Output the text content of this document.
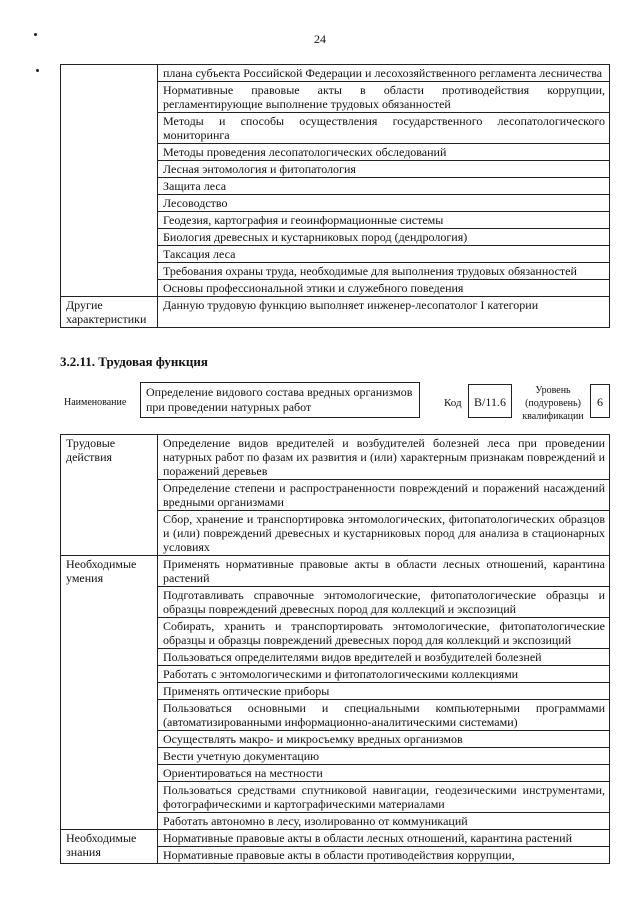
24
	плана субъекта Российской Федерации и лесохозяйственного регламента лесничества
	Нормативные правовые акты в области противодействия коррупции, регламентирующие выполнение трудовых обязанностей
	Методы и способы осуществления государственного лесопатологического мониторинга
	Методы проведения лесопатологических обследований
	Лесная энтомология и фитопатология
	Защита леса
	Лесоводство
	Геодезия, картография и геоинформационные системы
	Биология древесных и кустарниковых пород (дендрология)
	Таксация леса
	Требования охраны труда, необходимые для выполнения трудовых обязанностей
	Основы профессиональной этики и служебного поведения
Другие характеристики	Данную трудовую функцию выполняет инженер-лесопатолог I категории
3.2.11. Трудовая функция
Наименование
Определение видового состава вредных организмов при проведении натурных работ	Код	B/11.6
Уровень (подуровень) квалификации
6
Трудовые действия	Определение видов вредителей и возбудителей болезней леса при проведении натурных работ по фазам их развития и (или) характерным признакам повреждений и поражений деревьев
	Определение степени и распространенности повреждений и поражений насаждений вредными организмами
	Сбор, хранение и транспортировка энтомологических, фитопатологических образцов и (или) повреждений древесных и кустарниковых пород для анализа в стационарных условиях
Необходимые умения	Применять нормативные правовые акты в области лесных отношений, карантина растений
	Подготавливать справочные энтомологические, фитопатологические образцы и образцы повреждений древесных пород для коллекций и экспозиций
	Собирать, хранить и транспортировать энтомологические, фитопатологические образцы и образцы повреждений древесных пород для коллекций и экспозиций
	Пользоваться определителями видов вредителей и возбудителей болезней
	Работать с энтомологическими и фитопатологическими коллекциями
	Применять оптические приборы
	Пользоваться основными и специальными компьютерными программами (автоматизированными информационно-аналитическими системами)
	Осуществлять макро- и микросъемку вредных организмов
	Вести учетную документацию
	Ориентироваться на местности
	Пользоваться средствами спутниковой навигации, геодезическими инструментами, фотографическими и картографическими материалами
	Работать автономно в лесу, изолированно от коммуникаций
Необходимые знания	Нормативные правовые акты в области лесных отношений, карантина растений
	Нормативные правовые акты в области противодействия коррупции,
